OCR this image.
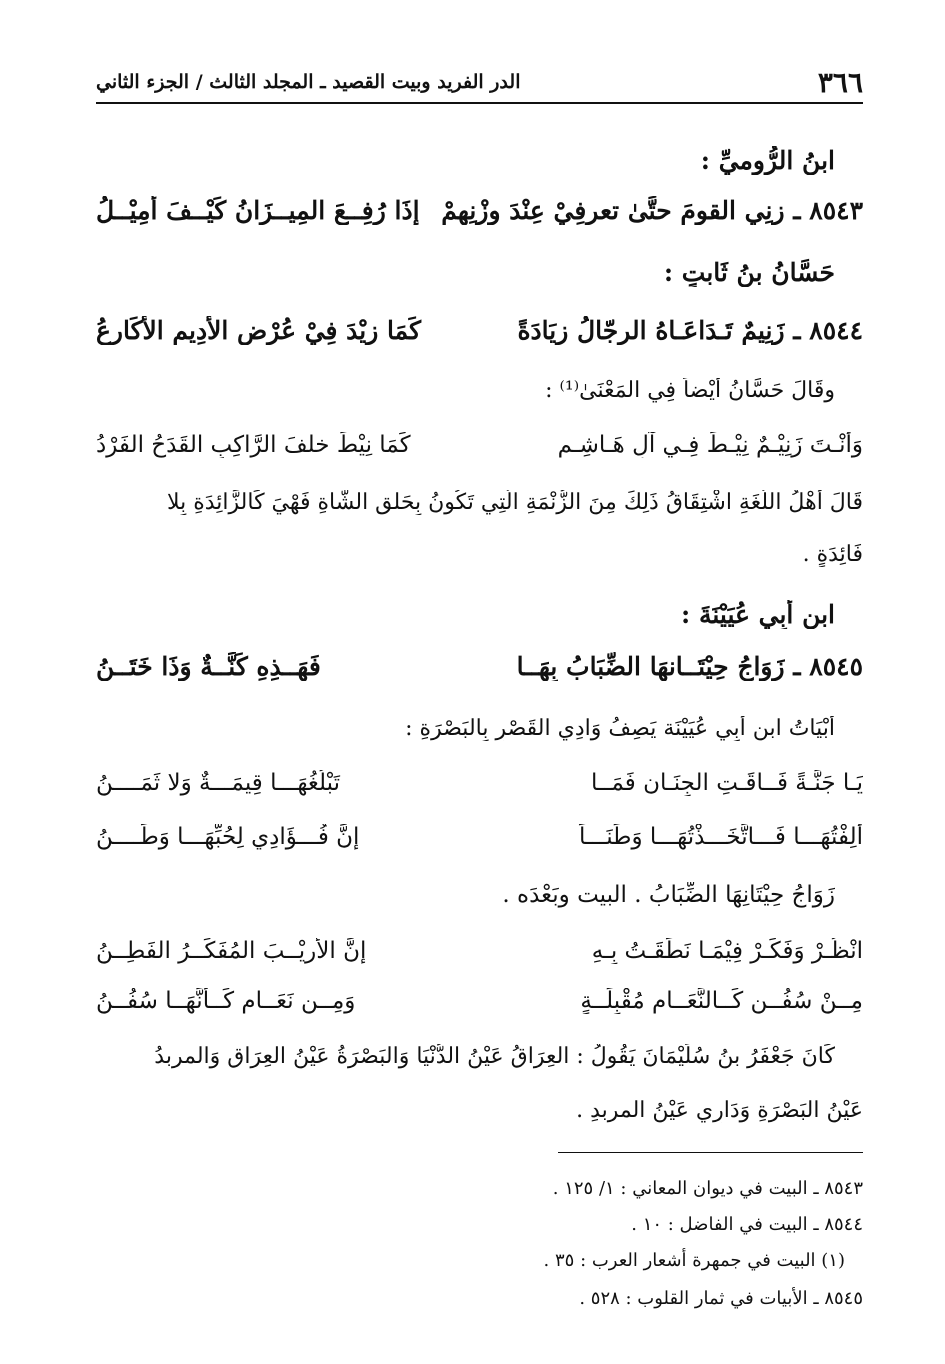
٣٦٦
الدر الفريد وبيت القصيد ـ المجلد الثالث / الجزء الثاني
ابنُ الرُّوميِّ :
٨٥٤٣ ـ زِنِي القومَ حتَّىٰ تعرِفِيْ عِنْدَ وزْنِهِمْ
إِذَا رُفِــعَ المِيــزَانُ كَيْــفَ أَمِيْــلُ
حَسَّانُ بنُ ثَابتٍ :
٨٥٤٤ ـ زَنِيمٌ تَـدَاعَـاهُ الرِجّالُ زِيَادَةً
كَمَا زِيْدَ فِيْ عُرْضِ الأَدِيمِ الأَكَارِعُ
وقَالَ حَسَّانُ أَيْضاً فِي المَعْنَىٰ⁽¹⁾ :
وَأَنْـتَ زَنِيْـمٌ نِيْـطَ فِـي آلِ هَـاشِـمٍ
كَمَا نِيْطَ خلفَ الرَّاكِبِ القَدَحُ الفَرْدُ
قَالَ أَهْلُ اللُّغَةِ اشْتِقَاقُ ذَلِكَ مِنَ الزُّنْمَةِ الَّتِي تَكُونُ بِحَلقِ الشَّاةِ فَهْيَ كَالزَّائِدَةِ بِلا
فَائِدَةٍ .
ابن أَبِي عُيَيْنَةَ :
٨٥٤٥ ـ زَوَاجُ حِيْتَــانهَا الضِّبَابُ بِهَــا
فَهَــذِهِ كَنَّــةٌ وَذَا خَتَــنُ
أَبْيَاتُ ابن أَبِي عُيَيْنَة يَصِفُ وَادِي القَصْرِ بِالبَصْرَةِ :
يَـا جَنَّـةً فَــاقَـتِ الجِنَـان فَمَــا
تَبْلُغُهَـــا قِيمَـــةٌ وَلا ثَمَــــنُ
أَلِفْتُهَـــا فَـــاتَّخَـــذْتُهَـــا وَطَنَـــاً
إِنَّ فُـــؤَادِي لِحُبِّهَـــا وَطَــــنُ
زَوَاجُ حِيْتَانِهَا الضِّبَابُ . البيت وبَعْدَه .
انْظُـرْ وَفَكِّـرْ فِيْمَـا نَطَقَـتُ بِـهِ
إِنَّ الأَرِيْــبَ المُفَكِّــرُ الفَطِــنُ
مِــنْ سُفُــنٍ كَــالنَّعَــامِ مُقْبِلَــةٍ
وَمِــن نَعَــامٍ كَــأَنَّهَــا سُفُــنُ
كَانَ جَعْفَرُ بنُ سُلَيْمَانَ يَقُولُ : العِرَاقُ عَيْنُ الدُّنْيَا وَالبَصْرَةُ عَيْنُ العِرَاقِ وَالمربدُ
عَيْنُ البَصْرَةِ وَدَارِي عَيْنُ المربدِ .
٨٥٤٣ ـ البيت في ديوان المعاني : ١/ ١٢٥ .
٨٥٤٤ ـ البيت في الفاضل : ١٠ .
(١) البيت في جمهرة أشعار العرب : ٣٥ .
٨٥٤٥ ـ الأبيات في ثمار القلوب : ٥٢٨ .
